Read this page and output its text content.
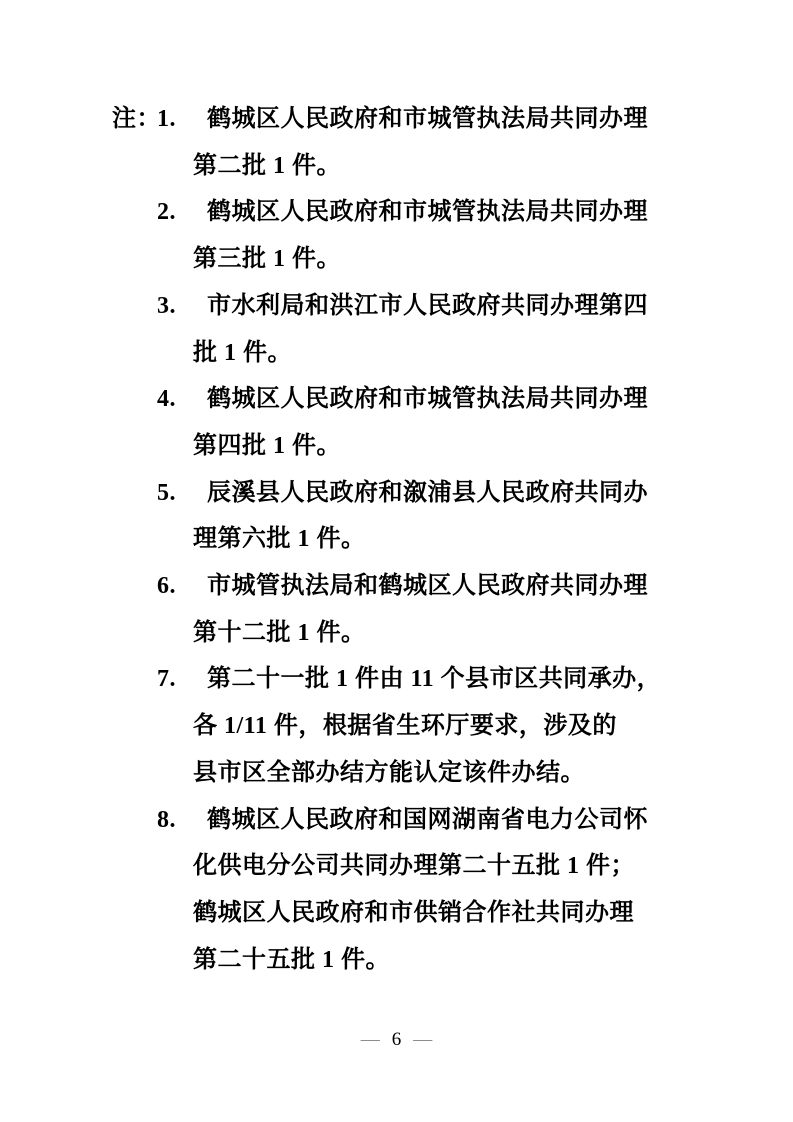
注：
1. 鹤城区人民政府和市城管执法局共同办理
第二批 1 件。
2. 鹤城区人民政府和市城管执法局共同办理
第三批 1 件。
3. 市水利局和洪江市人民政府共同办理第四
批 1 件。
4. 鹤城区人民政府和市城管执法局共同办理
第四批 1 件。
5. 辰溪县人民政府和溆浦县人民政府共同办
理第六批 1 件。
6. 市城管执法局和鹤城区人民政府共同办理
第十二批 1 件。
7. 第二十一批 1 件由 11 个县市区共同承办，
各 1/11 件，根据省生环厅要求，涉及的
县市区全部办结方能认定该件办结。
8. 鹤城区人民政府和国网湖南省电力公司怀
化供电分公司共同办理第二十五批 1 件；
鹤城区人民政府和市供销合作社共同办理
第二十五批 1 件。
— 6 —
